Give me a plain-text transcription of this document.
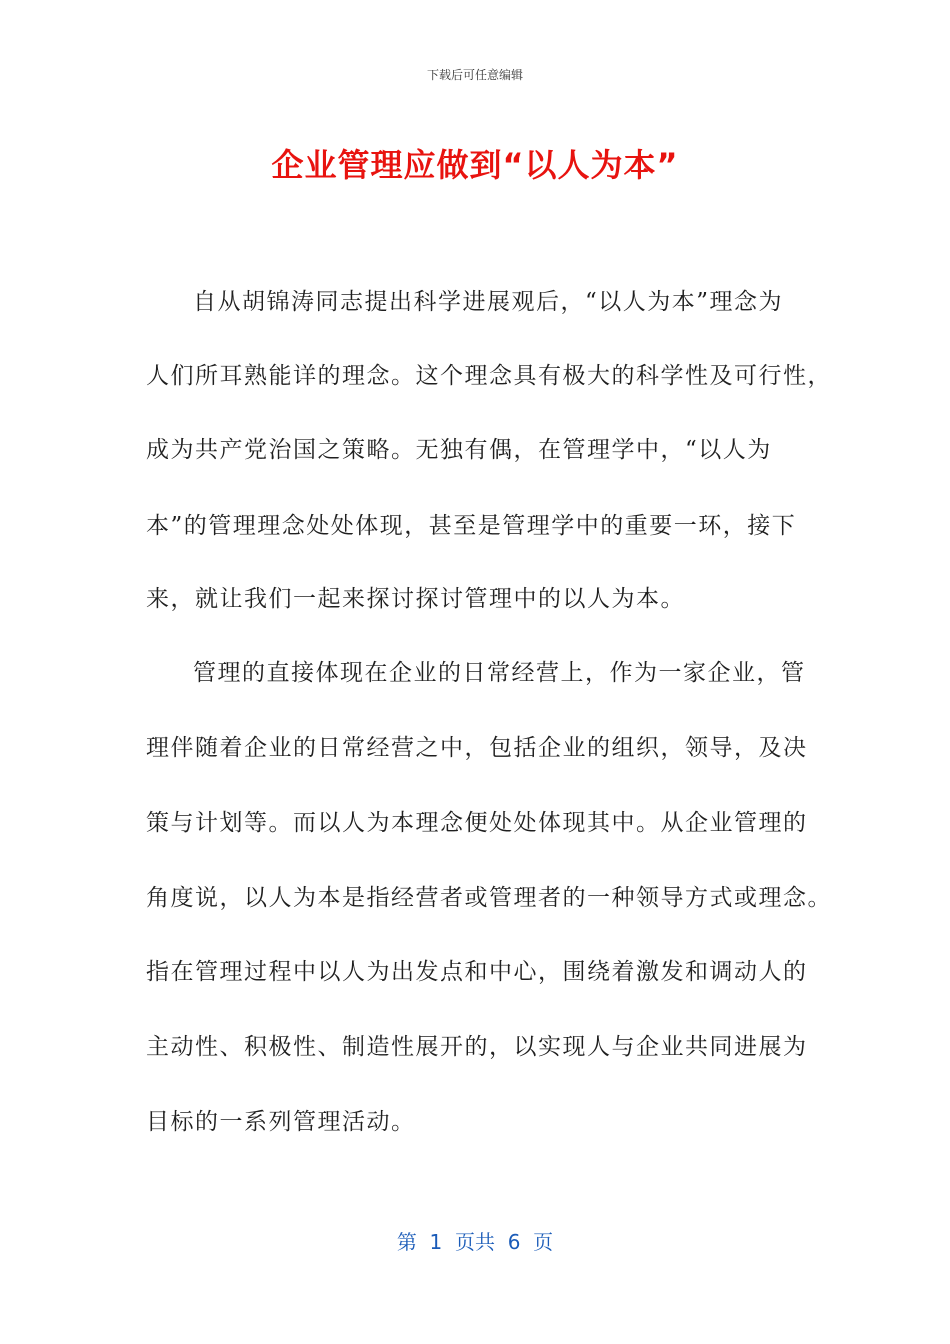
下载后可任意编辑
企业管理应做到“以人为本”
自从胡锦涛同志提出科学进展观后，“以人为本”理念为
人们所耳熟能详的理念。这个理念具有极大的科学性及可行性，
成为共产党治国之策略。无独有偶，在管理学中，“以人为
本”的管理理念处处体现，甚至是管理学中的重要一环，接下
来，就让我们一起来探讨探讨管理中的以人为本。
管理的直接体现在企业的日常经营上，作为一家企业，管
理伴随着企业的日常经营之中，包括企业的组织，领导，及决
策与计划等。而以人为本理念便处处体现其中。从企业管理的
角度说，以人为本是指经营者或管理者的一种领导方式或理念。
指在管理过程中以人为出发点和中心，围绕着激发和调动人的
主动性、积极性、制造性展开的，以实现人与企业共同进展为
目标的一系列管理活动。
第  1  页共  6  页
